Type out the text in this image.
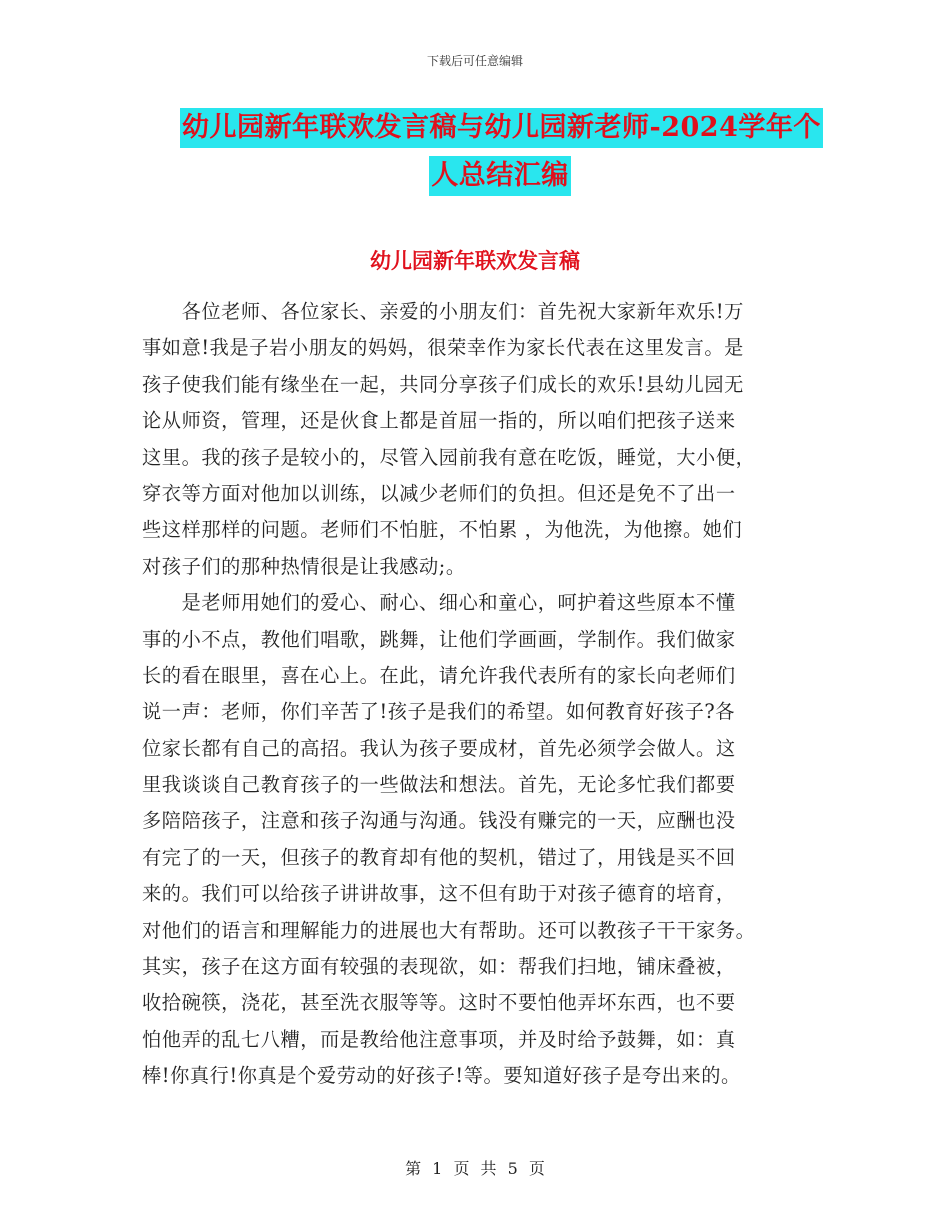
下载后可任意编辑
幼儿园新年联欢发言稿与幼儿园新老师-2024学年个
人总结汇编
幼儿园新年联欢发言稿
　　各位老师、各位家长、亲爱的小朋友们：首先祝大家新年欢乐!万
事如意!我是子岩小朋友的妈妈，很荣幸作为家长代表在这里发言。是
孩子使我们能有缘坐在一起，共同分享孩子们成长的欢乐!县幼儿园无
论从师资，管理，还是伙食上都是首屈一指的，所以咱们把孩子送来
这里。我的孩子是较小的，尽管入园前我有意在吃饭，睡觉，大小便，
穿衣等方面对他加以训练，以减少老师们的负担。但还是免不了出一
些这样那样的问题。老师们不怕脏，不怕累 ，为他洗，为他擦。她们
对孩子们的那种热情很是让我感动;。
　　是老师用她们的爱心、耐心、细心和童心，呵护着这些原本不懂
事的小不点，教他们唱歌，跳舞，让他们学画画，学制作。我们做家
长的看在眼里，喜在心上。在此，请允许我代表所有的家长向老师们
说一声：老师，你们辛苦了!孩子是我们的希望。如何教育好孩子?各
位家长都有自己的高招。我认为孩子要成材，首先必须学会做人。这
里我谈谈自己教育孩子的一些做法和想法。首先，无论多忙我们都要
多陪陪孩子，注意和孩子沟通与沟通。钱没有赚完的一天，应酬也没
有完了的一天，但孩子的教育却有他的契机，错过了，用钱是买不回
来的。我们可以给孩子讲讲故事，这不但有助于对孩子德育的培育，
对他们的语言和理解能力的进展也大有帮助。还可以教孩子干干家务。
其实，孩子在这方面有较强的表现欲，如：帮我们扫地，铺床叠被，
收拾碗筷，浇花，甚至洗衣服等等。这时不要怕他弄坏东西，也不要
怕他弄的乱七八糟，而是教给他注意事项，并及时给予鼓舞，如：真
棒!你真行!你真是个爱劳动的好孩子!等。要知道好孩子是夸出来的。
第 1 页 共 5 页
